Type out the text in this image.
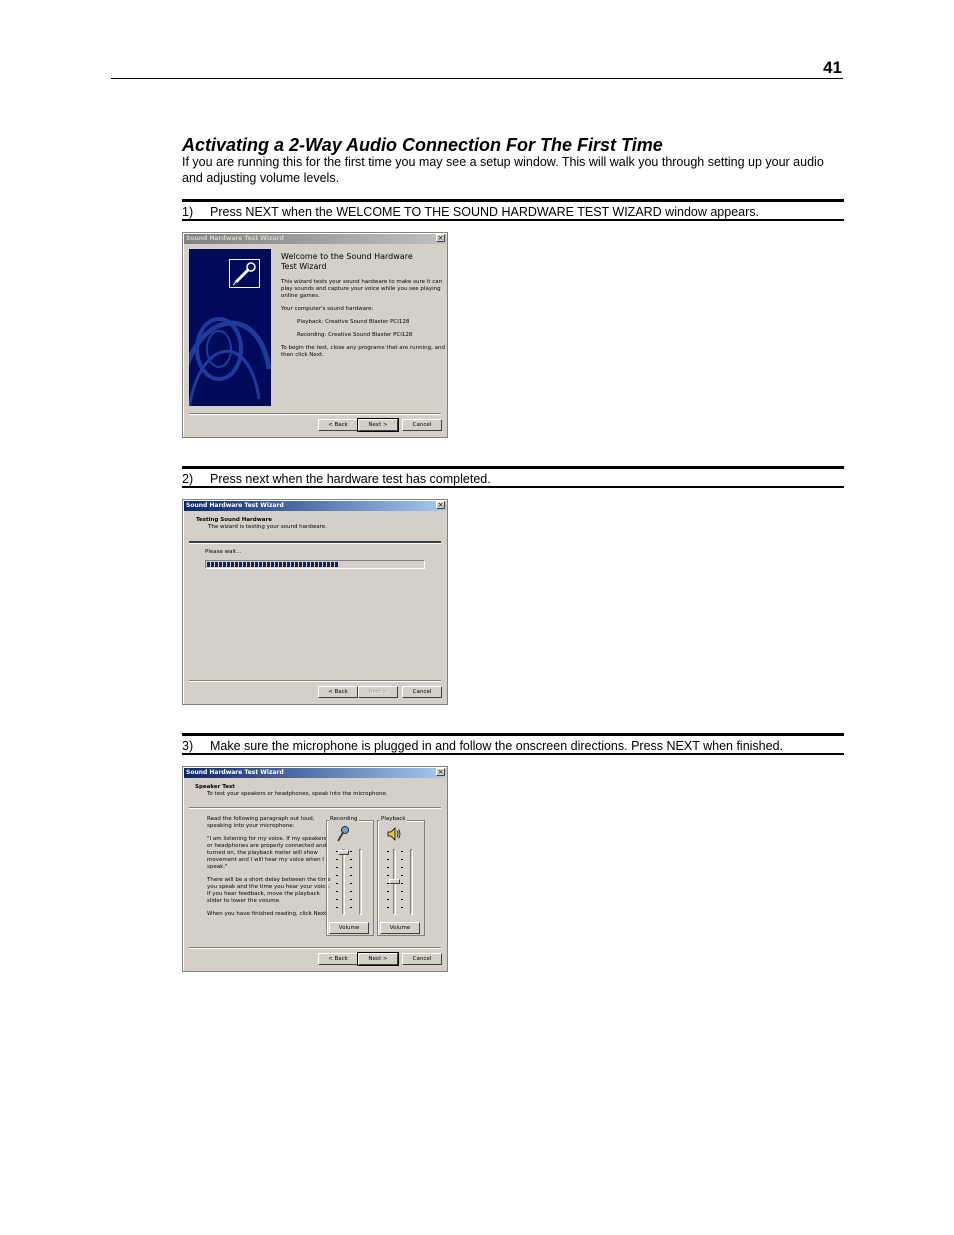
41
Activating a 2-Way Audio Connection For The First Time
If you are running this for the first time you may see a setup window. This will walk you through setting up your audio and adjusting volume levels.
1) Press NEXT when the WELCOME TO THE SOUND HARDWARE TEST WIZARD window appears.
Sound Hardware Test Wizard	×
Welcome to the Sound Hardware
Test Wizard
This wizard tests your sound hardware to make sure it can
play sounds and capture your voice while you see playing
online games.
Your computer's sound hardware:
Playback: Creative Sound Blaster PCI128
Recording: Creative Sound Blaster PCI128
To begin the test, close any programs that are running, and
then click Next.
< Back	Next >	Cancel
2) Press next when the hardware test has completed.
Sound Hardware Test Wizard	×
Testing Sound Hardware
The wizard is testing your sound hardware.
Please wait...
< Back	Next >	Cancel
3) Make sure the microphone is plugged in and follow the onscreen directions. Press NEXT when finished.
Sound Hardware Test Wizard	×
Speaker Test
To test your speakers or headphones, speak into the microphone.
Read the following paragraph out loud,
speaking into your microphone:
"I am listening for my voice. If my speakers
or headphones are properly connected and
turned on, the playback meter will show
movement and I will hear my voice when I
speak."
There will be a short delay between the time
you speak and the time you hear your voice.
If you hear feedback, move the playback
slider to lower the volume.
When you have finished reading, click Next.
Recording
Volume
Playback
Volume
< Back	Next >	Cancel
